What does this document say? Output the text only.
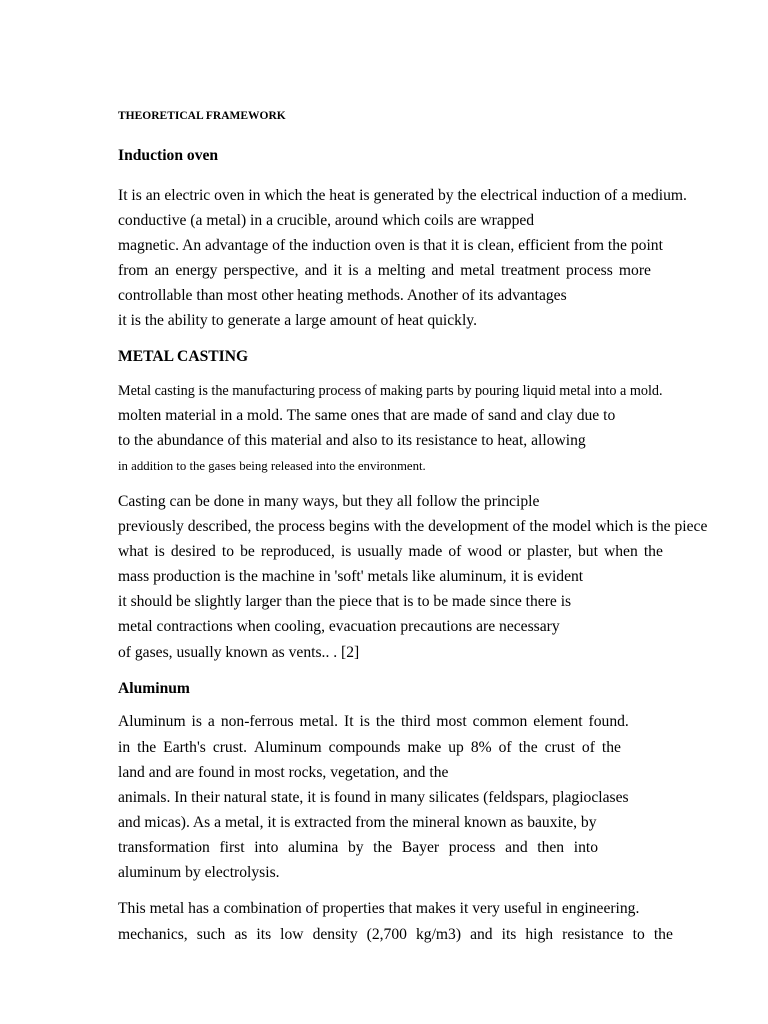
THEORETICAL FRAMEWORK
Induction oven
It is an electric oven in which the heat is generated by the electrical induction of a medium.
conductive (a metal) in a crucible, around which coils are wrapped
magnetic. An advantage of the induction oven is that it is clean, efficient from the point
from an energy perspective, and it is a melting and metal treatment process more
controllable than most other heating methods. Another of its advantages
it is the ability to generate a large amount of heat quickly.
METAL CASTING
Metal casting is the manufacturing process of making parts by pouring liquid metal into a mold.
molten material in a mold. The same ones that are made of sand and clay due to
to the abundance of this material and also to its resistance to heat, allowing
in addition to the gases being released into the environment.
Casting can be done in many ways, but they all follow the principle
previously described, the process begins with the development of the model which is the piece
what is desired to be reproduced, is usually made of wood or plaster, but when the
mass production is the machine in 'soft' metals like aluminum, it is evident
it should be slightly larger than the piece that is to be made since there is
metal contractions when cooling, evacuation precautions are necessary
of gases, usually known as vents.. . [2]
Aluminum
Aluminum is a non-ferrous metal. It is the third most common element found.
in the Earth's crust. Aluminum compounds make up 8% of the crust of the
land and are found in most rocks, vegetation, and the
animals. In their natural state, it is found in many silicates (feldspars, plagioclases
and micas). As a metal, it is extracted from the mineral known as bauxite, by
transformation first into alumina by the Bayer process and then into
aluminum by electrolysis.
This metal has a combination of properties that makes it very useful in engineering.
mechanics, such as its low density (2,700 kg/m3) and its high resistance to the
